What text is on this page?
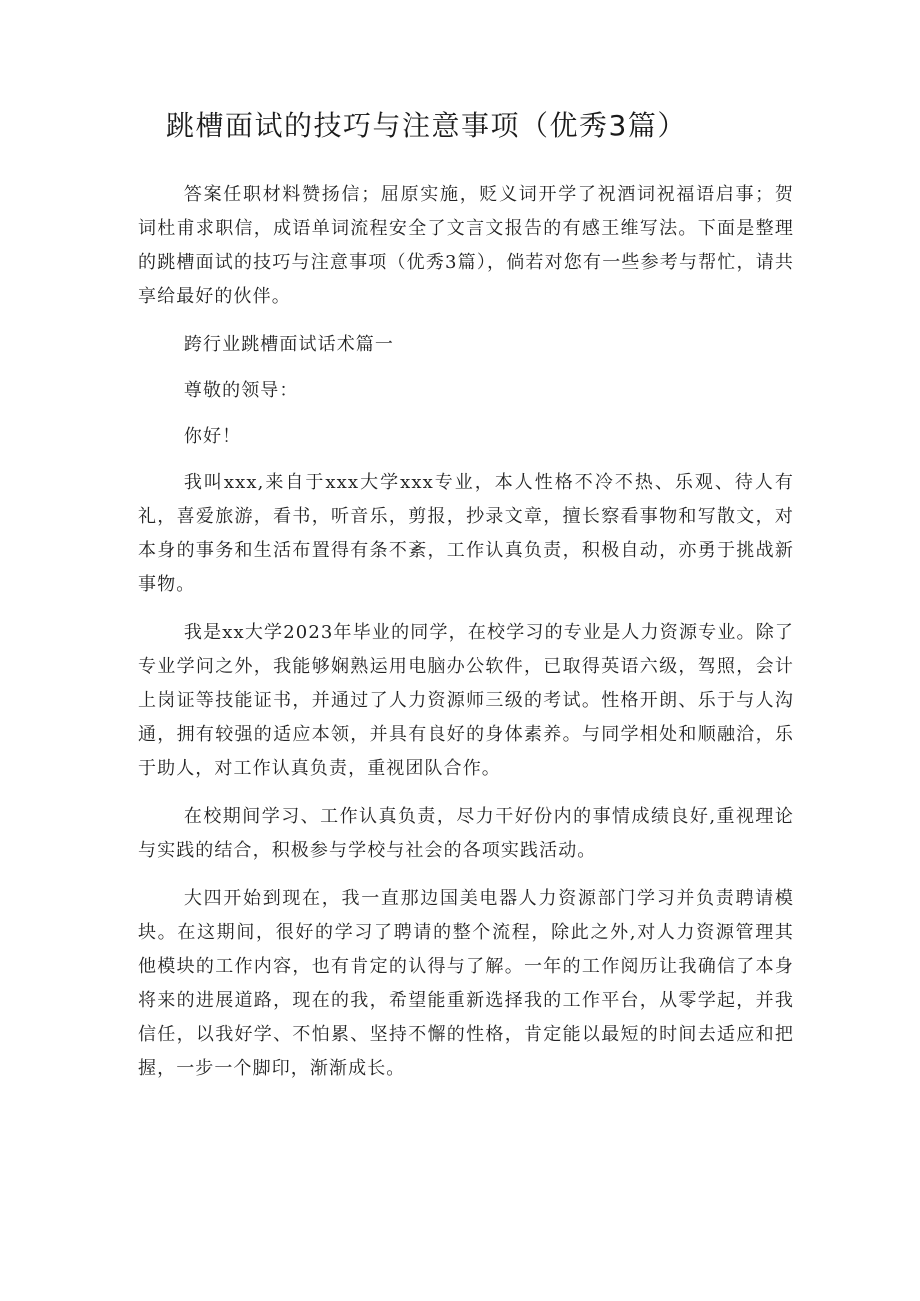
跳槽面试的技巧与注意事项（优秀3篇）

答案任职材料赞扬信；屈原实施，贬义词开学了祝酒词祝福语启事；贺词杜甫求职信，成语单词流程安全了文言文报告的有感王维写法。下面是整理的跳槽面试的技巧与注意事项（优秀3篇），倘若对您有一些参考与帮忙，请共享给最好的伙伴。

跨行业跳槽面试话术篇一

尊敬的领导：

你好！

我叫xxx,来自于xxx大学xxx专业，本人性格不冷不热、乐观、待人有礼，喜爱旅游，看书，听音乐，剪报，抄录文章，擅长察看事物和写散文，对本身的事务和生活布置得有条不紊，工作认真负责，积极自动，亦勇于挑战新事物。

我是xx大学2023年毕业的同学，在校学习的专业是人力资源专业。除了专业学问之外，我能够娴熟运用电脑办公软件，已取得英语六级，驾照，会计上岗证等技能证书，并通过了人力资源师三级的考试。性格开朗、乐于与人沟通，拥有较强的适应本领，并具有良好的身体素养。与同学相处和顺融洽，乐于助人，对工作认真负责，重视团队合作。

在校期间学习、工作认真负责，尽力干好份内的事情成绩良好,重视理论与实践的结合，积极参与学校与社会的各项实践活动。

大四开始到现在，我一直那边国美电器人力资源部门学习并负责聘请模块。在这期间，很好的学习了聘请的整个流程，除此之外,对人力资源管理其他模块的工作内容，也有肯定的认得与了解。一年的工作阅历让我确信了本身将来的进展道路，现在的我，希望能重新选择我的工作平台，从零学起，并我信任，以我好学、不怕累、坚持不懈的性格，肯定能以最短的时间去适应和把握，一步一个脚印，渐渐成长。
